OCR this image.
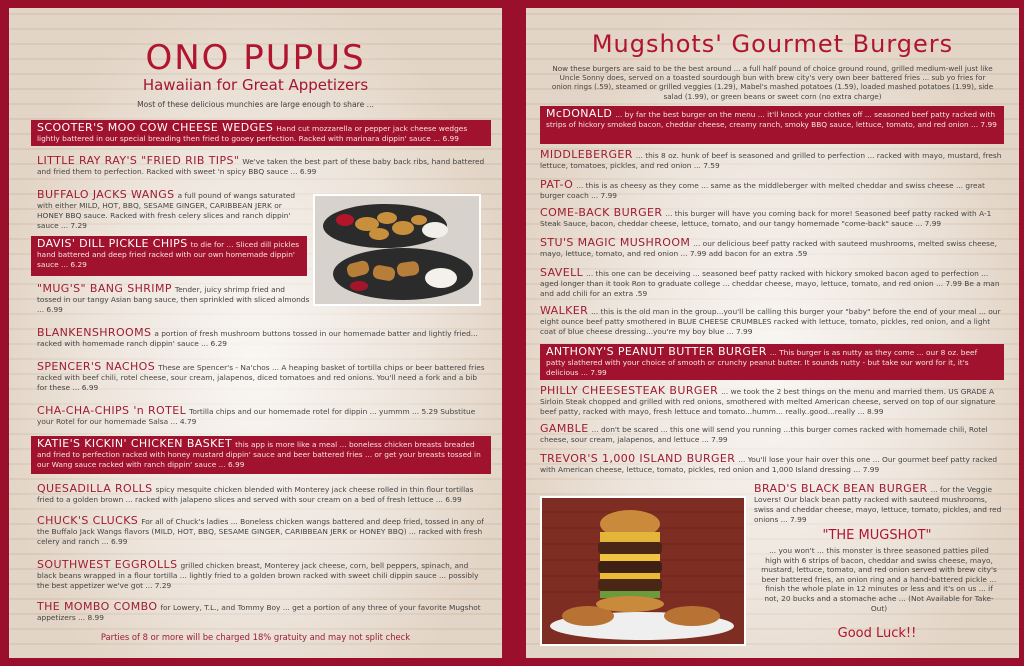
ONO PUPUS
Hawaiian for Great Appetizers
Most of these delicious munchies are large enough to share ...
SCOOTER'S MOO COW CHEESE WEDGES Hand cut mozzarella or pepper jack cheese wedges lightly battered in our special breading then fried to gooey perfection. Racked with marinara dippin' sauce ... 6.99
LITTLE RAY RAY'S "FRIED RIB TIPS" We've taken the best part of these baby back ribs, hand battered and fried them to perfection. Racked with sweet 'n spicy BBQ sauce ... 6.99
BUFFALO JACKS WANGS a full pound of wangs saturated with either MILD, HOT, BBQ, SESAME GINGER, CARIBBEAN JERK or HONEY BBQ sauce. Racked with fresh celery slices and ranch dippin' sauce ... 7.29
DAVIS' DILL PICKLE CHIPS to die for ... Sliced dill pickles hand battered and deep fried racked with our own homemade dippin' sauce ... 6.29
"MUG'S" BANG SHRIMP Tender, juicy shrimp fried and tossed in our tangy Asian bang sauce, then sprinkled with sliced almonds ... 6.99
BLANKENSHROOMS a portion of fresh mushroom buttons tossed in our homemade batter and lightly fried... racked with homemade ranch dippin' sauce ... 6.29
SPENCER'S NACHOS These are Spencer's - Na'chos ... A heaping basket of tortilla chips or beer battered fries racked with beef chili, rotel cheese, sour cream, jalapenos, diced tomatoes and red onions. You'll need a fork and a bib for these ... 6.99
CHA-CHA-CHIPS 'n ROTEL Tortilla chips and our homemade rotel for dippin ... yummm ... 5.29 Substitue your Rotel for our homemade Salsa ... 4.79
KATIE'S KICKIN' CHICKEN BASKET this app is more like a meal ... boneless chicken breasts breaded and fried to perfection racked with honey mustard dippin' sauce and beer battered fries ... or get your breasts tossed in our Wang sauce racked with ranch dippin' sauce ... 6.99
QUESADILLA ROLLS spicy mesquite chicken blended with Monterey jack cheese rolled in thin flour tortillas fried to a golden brown ... racked with jalapeno slices and served with sour cream on a bed of fresh lettuce ... 6.99
CHUCK'S CLUCKS For all of Chuck's ladies ... Boneless chicken wangs battered and deep fried, tossed in any of the Buffalo Jack Wangs flavors (MILD, HOT, BBQ, SESAME GINGER, CARIBBEAN JERK or HONEY BBQ) ... racked with fresh celery and ranch ... 6.99
SOUTHWEST EGGROLLS grilled chicken breast, Monterey jack cheese, corn, bell peppers, spinach, and black beans wrapped in a flour tortilla ... lightly fried to a golden brown racked with sweet chili dippin sauce ... possibly the best appetizer we've got ... 7.29
THE MOMBO COMBO for Lowery, T.L., and Tommy Boy ... get a portion of any three of your favorite Mugshot appetizers ... 8.99
Parties of 8 or more will be charged 18% gratuity and may not split check
Mugshots' Gourmet Burgers
Now these burgers are said to be the best around ... a full half pound of choice ground round, grilled medium-well just like Uncle Sonny does, served on a toasted sourdough bun with brew city's very own beer battered fries ... sub yo fries for onion rings (.59), steamed or grilled veggies (1.29), Mabel's mashed potatoes (1.59), loaded mashed potatoes (1.99), side salad (1.99), or green beans or sweet corn (no extra charge)
McDONALD ... by far the best burger on the menu ... it'll knock your clothes off ... seasoned beef patty racked with strips of hickory smoked bacon, cheddar cheese, creamy ranch, smoky BBQ sauce, lettuce, tomato, and red onion ... 7.99
MIDDLEBERGER ... this 8 oz. hunk of beef is seasoned and grilled to perfection ... racked with mayo, mustard, fresh lettuce, tomatoes, pickles, and red onion ... 7.59
PAT-O ... this is as cheesy as they come ... same as the middleberger with melted cheddar and swiss cheese ... great burger coach ... 7.99
COME-BACK BURGER ... this burger will have you coming back for more! Seasoned beef patty racked with A-1 Steak Sauce, bacon, cheddar cheese, lettuce, tomato, and our tangy homemade "come-back" sauce ... 7.99
STU'S MAGIC MUSHROOM ... our delicious beef patty racked with sauteed mushrooms, melted swiss cheese, mayo, lettuce, tomato, and red onion ... 7.99 add bacon for an extra .59
SAVELL ... this one can be deceiving ... seasoned beef patty racked with hickory smoked bacon aged to perfection ... aged longer than it took Ron to graduate college ... cheddar cheese, mayo, lettuce, tomato, and red onion ... 7.99 Be a man and add chili for an extra .59
WALKER ... this is the old man in the group...you'll be calling this burger your "baby" before the end of your meal ... our eight ounce beef patty smothered in BLUE CHEESE CRUMBLES racked with lettuce, tomato, pickles, red onion, and a light coat of blue cheese dressing...you're my boy blue ... 7.99
ANTHONY'S PEANUT BUTTER BURGER ... This burger is as nutty as they come ... our 8 oz. beef patty slathered with your choice of smooth or crunchy peanut butter. It sounds nutty - but take our word for it, it's delicious ... 7.99
PHILLY CHEESESTEAK BURGER ... we took the 2 best things on the menu and married them. US GRADE A Sirloin Steak chopped and grilled with red onions, smothered with melted American cheese, served on top of our signature beef patty, racked with mayo, fresh lettuce and tomato...humm... really..good...really ... 8.99
GAMBLE ... don't be scared ... this one will send you running ...this burger comes racked with homemade chili, Rotel cheese, sour cream, jalapenos, and lettuce ... 7.99
TREVOR'S 1,000 ISLAND BURGER ... You'll lose your hair over this one ... Our gourmet beef patty racked with American cheese, lettuce, tomato, pickles, red onion and 1,000 Island dressing ... 7.99
BRAD'S BLACK BEAN BURGER ... for the Veggie Lovers! Our black bean patty racked with sauteed mushrooms, swiss and cheddar cheese, mayo, lettuce, tomato, pickles, and red onions ... 7.99
"THE MUGSHOT"
... you won't ... this monster is three seasoned patties piled high with 6 strips of bacon, cheddar and swiss cheese, mayo, mustard, lettuce, tomato, and red onion served with brew city's beer battered fries, an onion ring and a hand-battered pickle ... finish the whole plate in 12 minutes or less and it's on us ... if not, 20 bucks and a stomache ache ... (Not Available for Take-Out)
Good Luck!!
